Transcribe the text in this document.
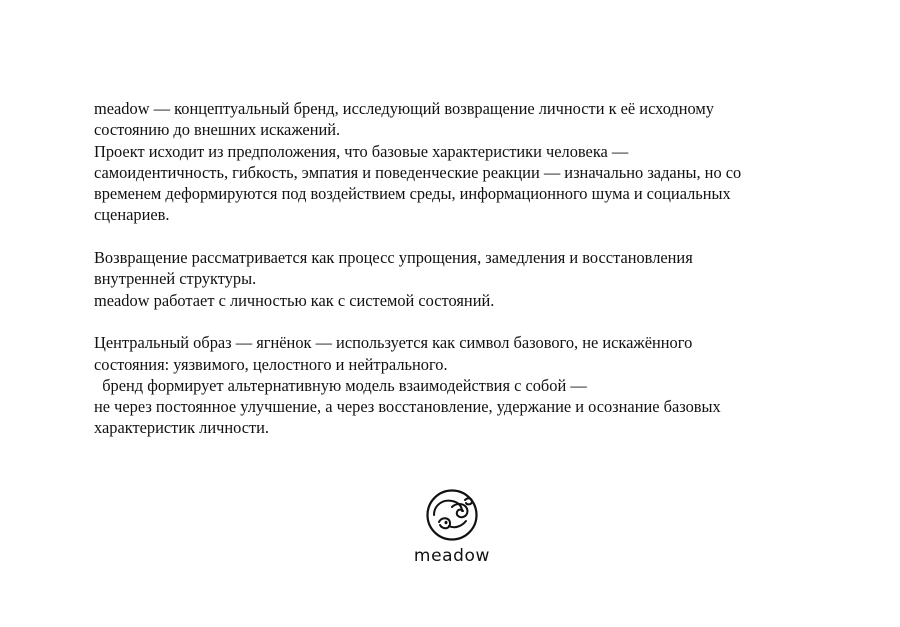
meadow — концептуальный бренд, исследующий возвращение личности к её исходному
состоянию до внешних искажений.
Проект исходит из предположения, что базовые характеристики человека —
самоидентичность, гибкость, эмпатия и поведенческие реакции — изначально заданы, но со
временем деформируются под воздействием среды, информационного шума и социальных
сценариев.

Возвращение рассматривается как процесс упрощения, замедления и восстановления
внутренней структуры.
meadow работает с личностью как с системой состояний.

Центральный образ — ягнёнок — используется как символ базового, не искажённого
состояния: уязвимого, целостного и нейтрального.
бренд формирует альтернативную модель взаимодействия с собой —
не через постоянное улучшение, а через восстановление, удержание и осознание базовых
характеристик личности.

meadow
